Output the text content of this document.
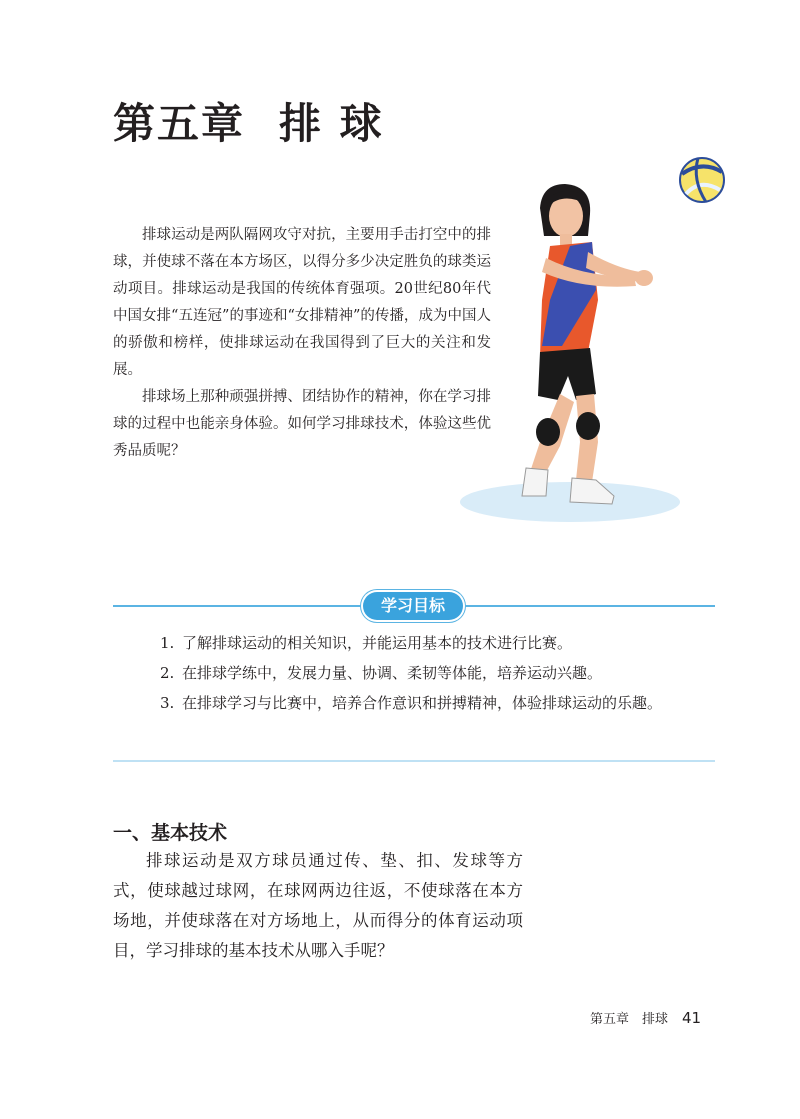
第五章 排 球

排球运动是两队隔网攻守对抗，主要用手击打空中的排球，并使球不落在本方场区，以得分多少决定胜负的球类运动项目。排球运动是我国的传统体育强项。20世纪80年代中国女排“五连冠”的事迹和“女排精神”的传播，成为中国人的骄傲和榜样，使排球运动在我国得到了巨大的关注和发展。

排球场上那种顽强拼搏、团结协作的精神，你在学习排球的过程中也能亲身体验。如何学习排球技术，体验这些优秀品质呢？

学习目标
1. 了解排球运动的相关知识，并能运用基本的技术进行比赛。
2. 在排球学练中，发展力量、协调、柔韧等体能，培养运动兴趣。
3. 在排球学习与比赛中，培养合作意识和拼搏精神，体验排球运动的乐趣。
一、基本技术

排球运动是双方球员通过传、垫、扣、发球等方式，使球越过球网，在球网两边往返，不使球落在本方场地，并使球落在对方场地上，从而得分的体育运动项目，学习排球的基本技术从哪入手呢？

第五章　排球 41
